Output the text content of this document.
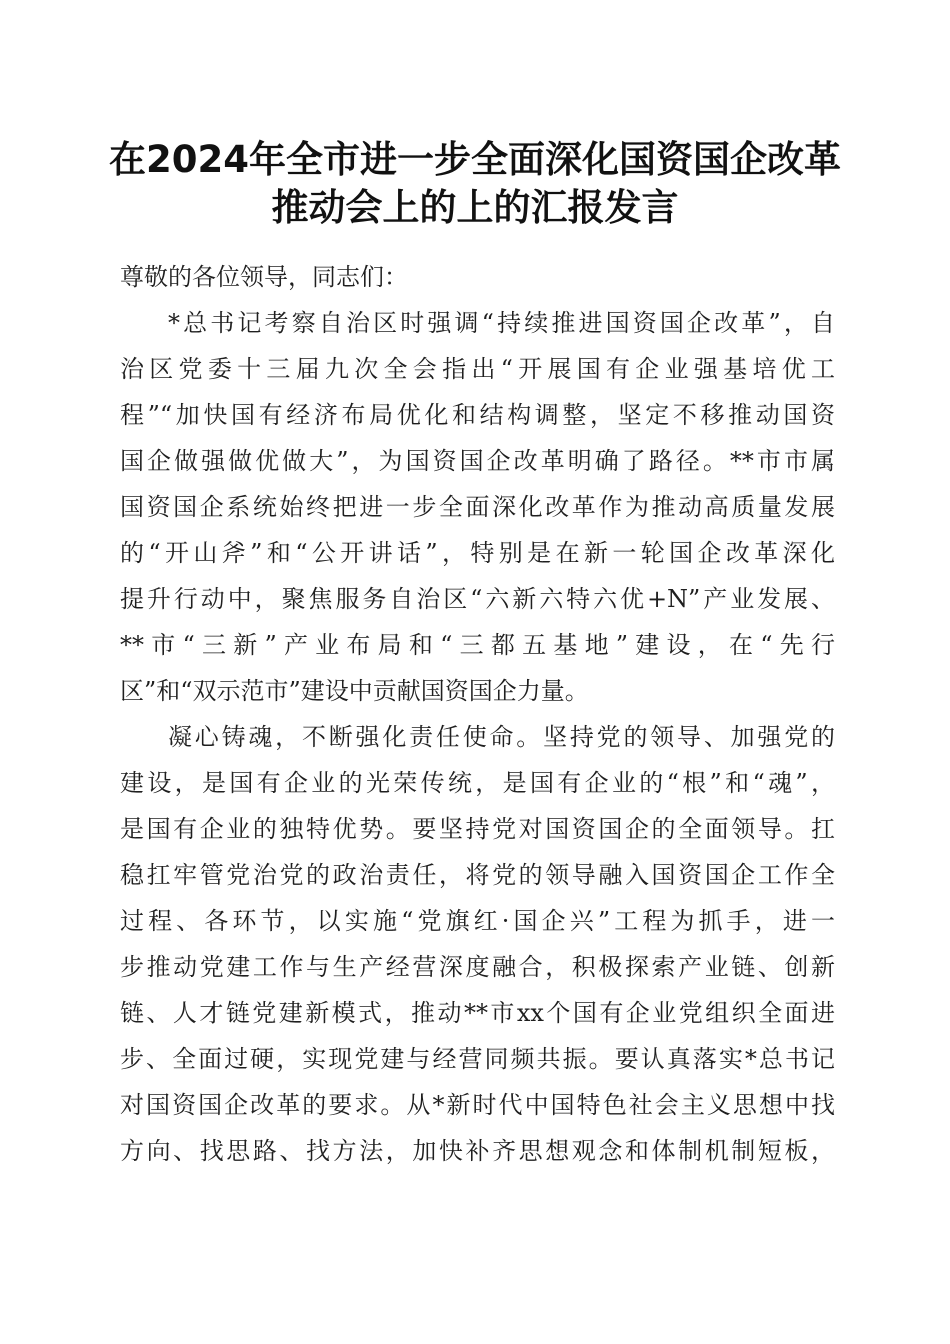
在2024年全市进一步全面深化国资国企改革
推动会上的上的汇报发言
尊敬的各位领导，同志们：
*总书记考察自治区时强调“持续推进国资国企改革”，自
治区党委十三届九次全会指出“开展国有企业强基培优工
程”“加快国有经济布局优化和结构调整，坚定不移推动国资
国企做强做优做大”，为国资国企改革明确了路径。**市市属
国资国企系统始终把进一步全面深化改革作为推动高质量发展
的“开山斧”和“公开讲话”，特别是在新一轮国企改革深化
提升行动中，聚焦服务自治区“六新六特六优+N”产业发展、
**市“三新”产业布局和“三都五基地”建设，在“先行
区”和“双示范市”建设中贡献国资国企力量。
凝心铸魂，不断强化责任使命。坚持党的领导、加强党的
建设，是国有企业的光荣传统，是国有企业的“根”和“魂”，
是国有企业的独特优势。要坚持党对国资国企的全面领导。扛
稳扛牢管党治党的政治责任，将党的领导融入国资国企工作全
过程、各环节，以实施“党旗红·国企兴”工程为抓手，进一
步推动党建工作与生产经营深度融合，积极探索产业链、创新
链、人才链党建新模式，推动**市xx个国有企业党组织全面进
步、全面过硬，实现党建与经营同频共振。要认真落实*总书记
对国资国企改革的要求。从*新时代中国特色社会主义思想中找
方向、找思路、找方法，加快补齐思想观念和体制机制短板，
